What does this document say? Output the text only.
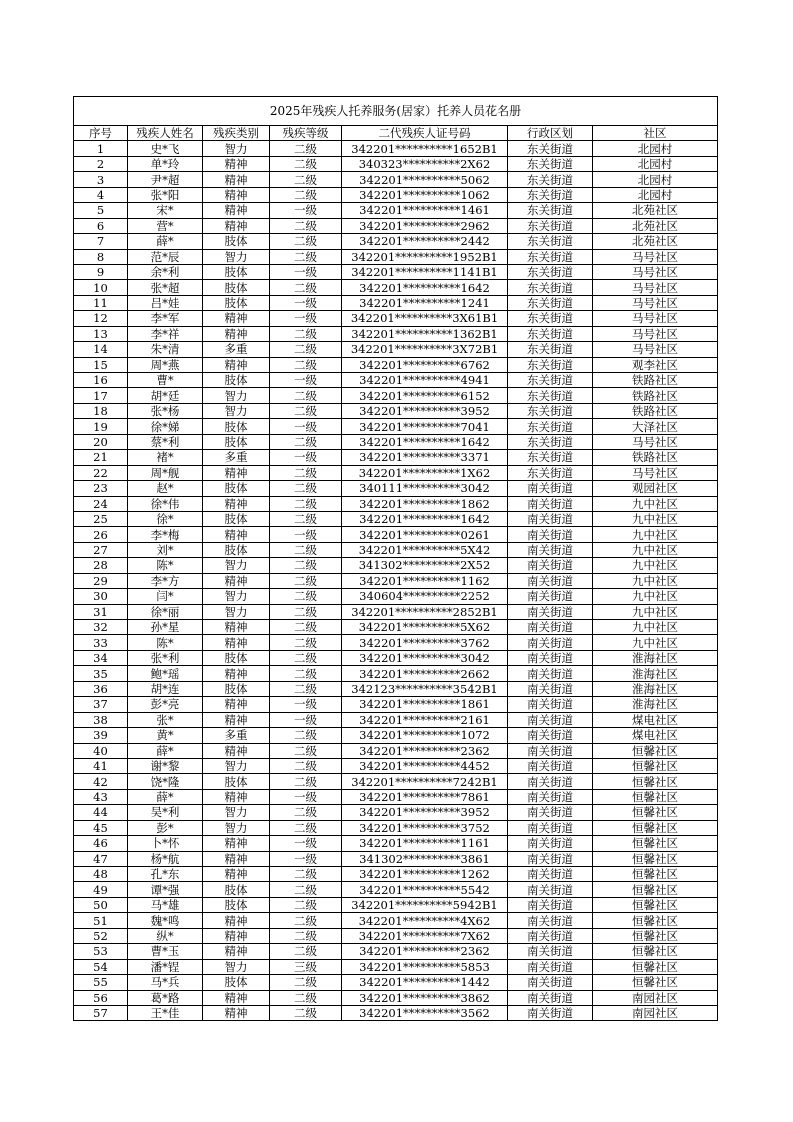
2025年残疾人托养服务(居家）托养人员花名册						
序号	残疾人姓名	残疾类别	残疾等级	二代残疾人证号码	行政区划	社区
1	史*飞	智力	二级	342201**********1652B1	东关街道	北园村
2	单*玲	精神	二级	340323**********2X62	东关街道	北园村
3	尹*超	精神	二级	342201**********5062	东关街道	北园村
4	张*阳	精神	二级	342201**********1062	东关街道	北园村
5	宋*	精神	一级	342201**********1461	东关街道	北苑社区
6	营*	精神	二级	342201**********2962	东关街道	北苑社区
7	薛*	肢体	二级	342201**********2442	东关街道	北苑社区
8	范*辰	智力	二级	342201**********1952B1	东关街道	马号社区
9	余*利	肢体	一级	342201**********1141B1	东关街道	马号社区
10	张*超	肢体	二级	342201**********1642	东关街道	马号社区
11	吕*娃	肢体	一级	342201**********1241	东关街道	马号社区
12	李*军	精神	一级	342201**********3X61B1	东关街道	马号社区
13	李*祥	精神	二级	342201**********1362B1	东关街道	马号社区
14	朱*清	多重	二级	342201**********3X72B1	东关街道	马号社区
15	周*燕	精神	二级	342201**********6762	东关街道	观李社区
16	曹*	肢体	一级	342201**********4941	东关街道	铁路社区
17	胡*廷	智力	二级	342201**********6152	东关街道	铁路社区
18	张*杨	智力	二级	342201**********3952	东关街道	铁路社区
19	徐*娣	肢体	一级	342201**********7041	东关街道	大泽社区
20	蔡*利	肢体	二级	342201**********1642	东关街道	马号社区
21	褚*	多重	一级	342201**********3371	东关街道	铁路社区
22	周*舰	精神	二级	342201**********1X62	东关街道	马号社区
23	赵*	肢体	二级	340111**********3042	南关街道	观园社区
24	徐*伟	精神	二级	342201**********1862	南关街道	九中社区
25	徐*	肢体	二级	342201**********1642	南关街道	九中社区
26	李*梅	精神	一级	342201**********0261	南关街道	九中社区
27	刘*	肢体	二级	342201**********5X42	南关街道	九中社区
28	陈*	智力	二级	341302**********2X52	南关街道	九中社区
29	李*方	精神	二级	342201**********1162	南关街道	九中社区
30	闫*	智力	二级	340604**********2252	南关街道	九中社区
31	徐*丽	智力	二级	342201**********2852B1	南关街道	九中社区
32	孙*星	精神	二级	342201**********5X62	南关街道	九中社区
33	陈*	精神	二级	342201**********3762	南关街道	九中社区
34	张*利	肢体	二级	342201**********3042	南关街道	淮海社区
35	鲍*瑶	精神	二级	342201**********2662	南关街道	淮海社区
36	胡*连	肢体	二级	342123**********3542B1	南关街道	淮海社区
37	彭*亮	精神	一级	342201**********1861	南关街道	淮海社区
38	张*	精神	一级	342201**********2161	南关街道	煤电社区
39	黄*	多重	二级	342201**********1072	南关街道	煤电社区
40	薛*	精神	二级	342201**********2362	南关街道	恒馨社区
41	谢*黎	智力	二级	342201**********4452	南关街道	恒馨社区
42	饶*隆	肢体	二级	342201**********7242B1	南关街道	恒馨社区
43	薛*	精神	一级	342201**********7861	南关街道	恒馨社区
44	吴*利	智力	二级	342201**********3952	南关街道	恒馨社区
45	彭*	智力	二级	342201**********3752	南关街道	恒馨社区
46	卜*怀	精神	一级	342201**********1161	南关街道	恒馨社区
47	杨*航	精神	一级	341302**********3861	南关街道	恒馨社区
48	孔*东	精神	二级	342201**********1262	南关街道	恒馨社区
49	谭*强	肢体	二级	342201**********5542	南关街道	恒馨社区
50	马*雄	肢体	二级	342201**********5942B1	南关街道	恒馨社区
51	魏*鸣	精神	二级	342201**********4X62	南关街道	恒馨社区
52	纵*	精神	二级	342201**********7X62	南关街道	恒馨社区
53	曹*玉	精神	二级	342201**********2362	南关街道	恒馨社区
54	潘*锃	智力	三级	342201**********5853	南关街道	恒馨社区
55	马*兵	肢体	二级	342201**********1442	南关街道	恒馨社区
56	葛*路	精神	二级	342201**********3862	南关街道	南园社区
57	王*佳	精神	二级	342201**********3562	南关街道	南园社区
